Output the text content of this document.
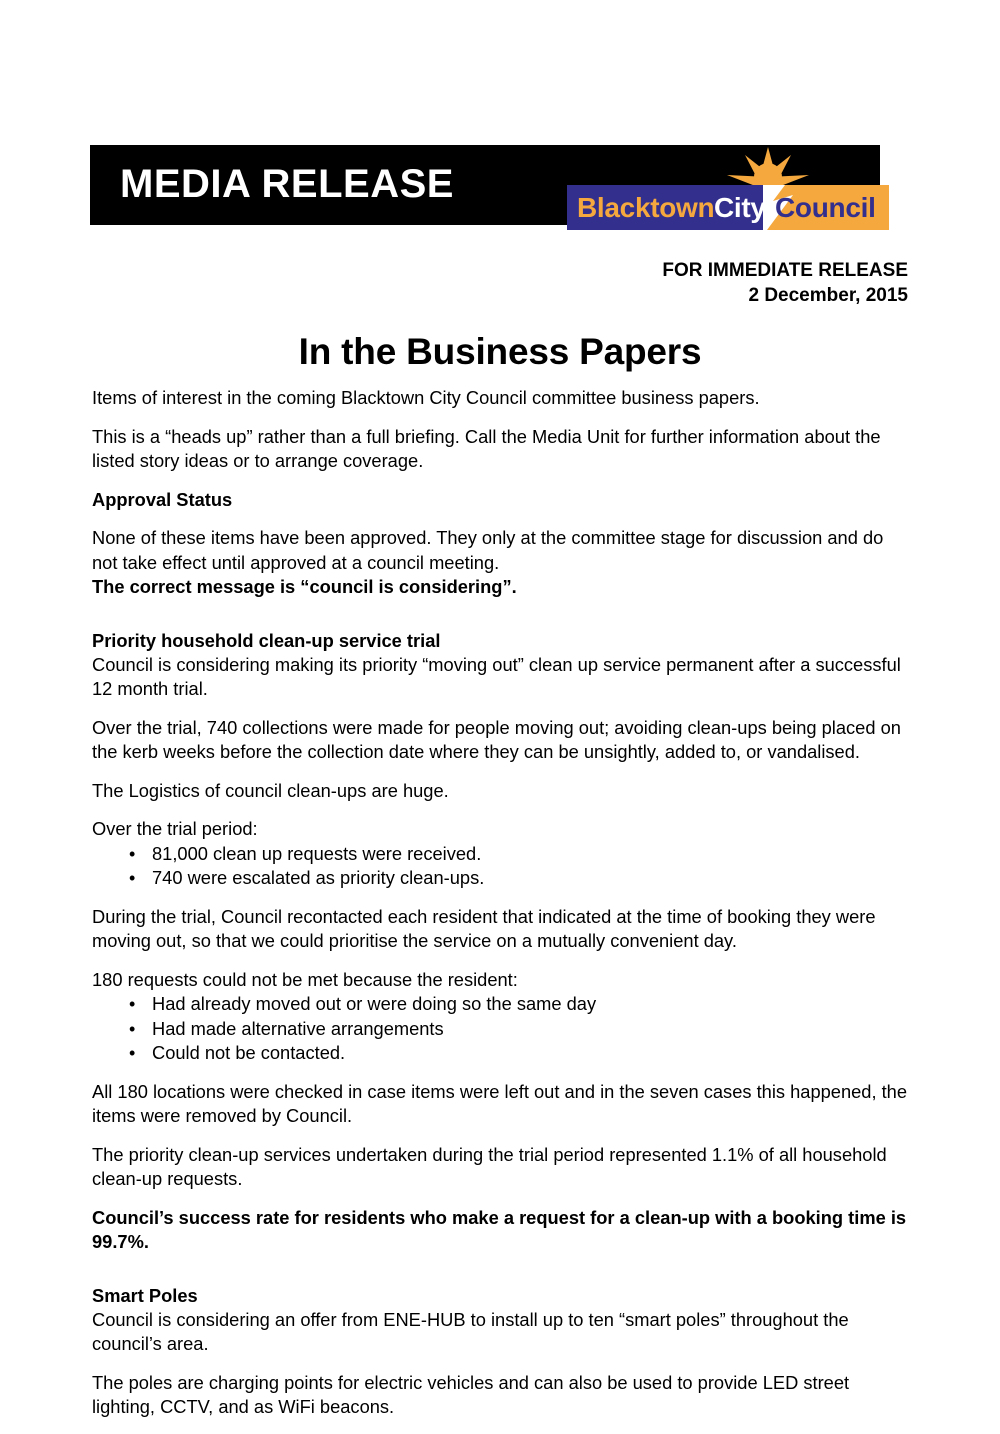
MEDIA RELEASE
Blacktown City Council
FOR IMMEDIATE RELEASE
2 December, 2015
In the Business Papers

Items of interest in the coming Blacktown City Council committee business papers.

This is a “heads up” rather than a full briefing. Call the Media Unit for further information about the listed story ideas or to arrange coverage.

Approval Status

None of these items have been approved. They only at the committee stage for discussion and do not take effect until approved at a council meeting.

The correct message is “council is considering”.

Priority household clean-up service trial

Council is considering making its priority “moving out” clean up service permanent after a successful 12 month trial.

Over the trial, 740 collections were made for people moving out; avoiding clean-ups being placed on the kerb weeks before the collection date where they can be unsightly, added to, or vandalised.

The Logistics of council clean-ups are huge.

Over the trial period:

• 81,000 clean up requests were received.
• 740 were escalated as priority clean-ups.

During the trial, Council recontacted each resident that indicated at the time of booking they were moving out, so that we could prioritise the service on a mutually convenient day.

180 requests could not be met because the resident:

• Had already moved out or were doing so the same day
• Had made alternative arrangements
• Could not be contacted.

All 180 locations were checked in case items were left out and in the seven cases this happened, the items were removed by Council.

The priority clean-up services undertaken during the trial period represented 1.1% of all household clean-up requests.

Council’s success rate for residents who make a request for a clean-up with a booking time is 99.7%.

Smart Poles

Council is considering an offer from ENE-HUB to install up to ten “smart poles” throughout the council’s area.

The poles are charging points for electric vehicles and can also be used to provide LED street lighting, CCTV, and as WiFi beacons.
